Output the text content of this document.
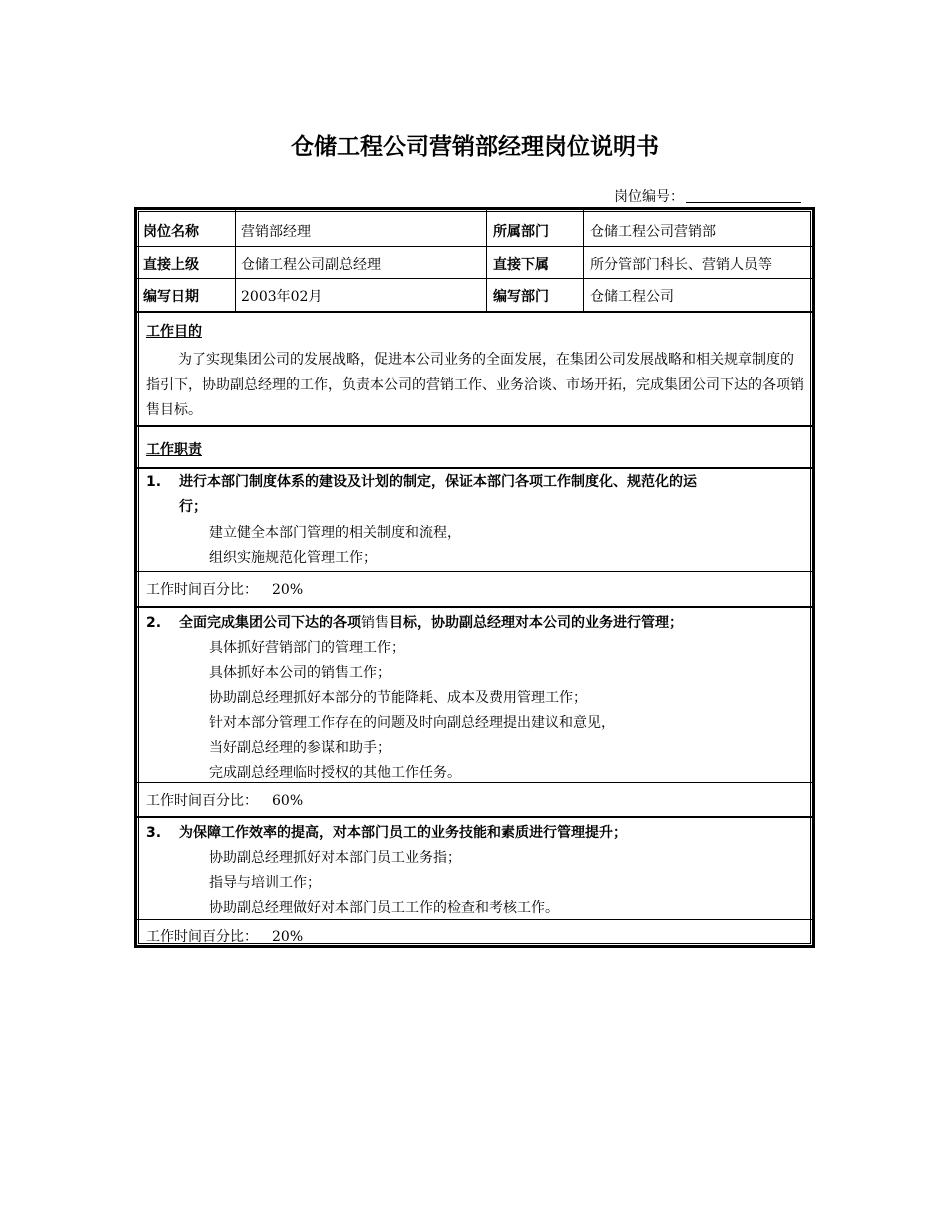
仓储工程公司营销部经理岗位说明书
岗位编号：
岗位名称	营销部经理	所属部门	仓储工程公司营销部
直接上级	仓储工程公司副总经理	直接下属	所分管部门科长、营销人员等
编写日期	2003年02月	编写部门	仓储工程公司
工作目的
为了实现集团公司的发展战略，促进本公司业务的全面发展，在集团公司发展战略和相关规章制度的指引下，协助副总经理的工作，负责本公司的营销工作、业务洽谈、市场开拓，完成集团公司下达的各项销售目标。
工作职责
1. 进行本部门制度体系的建设及计划的制定，保证本部门各项工作制度化、规范化的运
行；
建立健全本部门管理的相关制度和流程，
组织实施规范化管理工作；
工作时间百分比： 20%
2. 全面完成集团公司下达的各项销售目标，协助副总经理对本公司的业务进行管理；
具体抓好营销部门的管理工作；
具体抓好本公司的销售工作；
协助副总经理抓好本部分的节能降耗、成本及费用管理工作；
针对本部分管理工作存在的问题及时向副总经理提出建议和意见，
当好副总经理的参谋和助手；
完成副总经理临时授权的其他工作任务。
工作时间百分比： 60%
3. 为保障工作效率的提高，对本部门员工的业务技能和素质进行管理提升；
协助副总经理抓好对本部门员工业务指；
指导与培训工作；
协助副总经理做好对本部门员工工作的检查和考核工作。
工作时间百分比： 20%
